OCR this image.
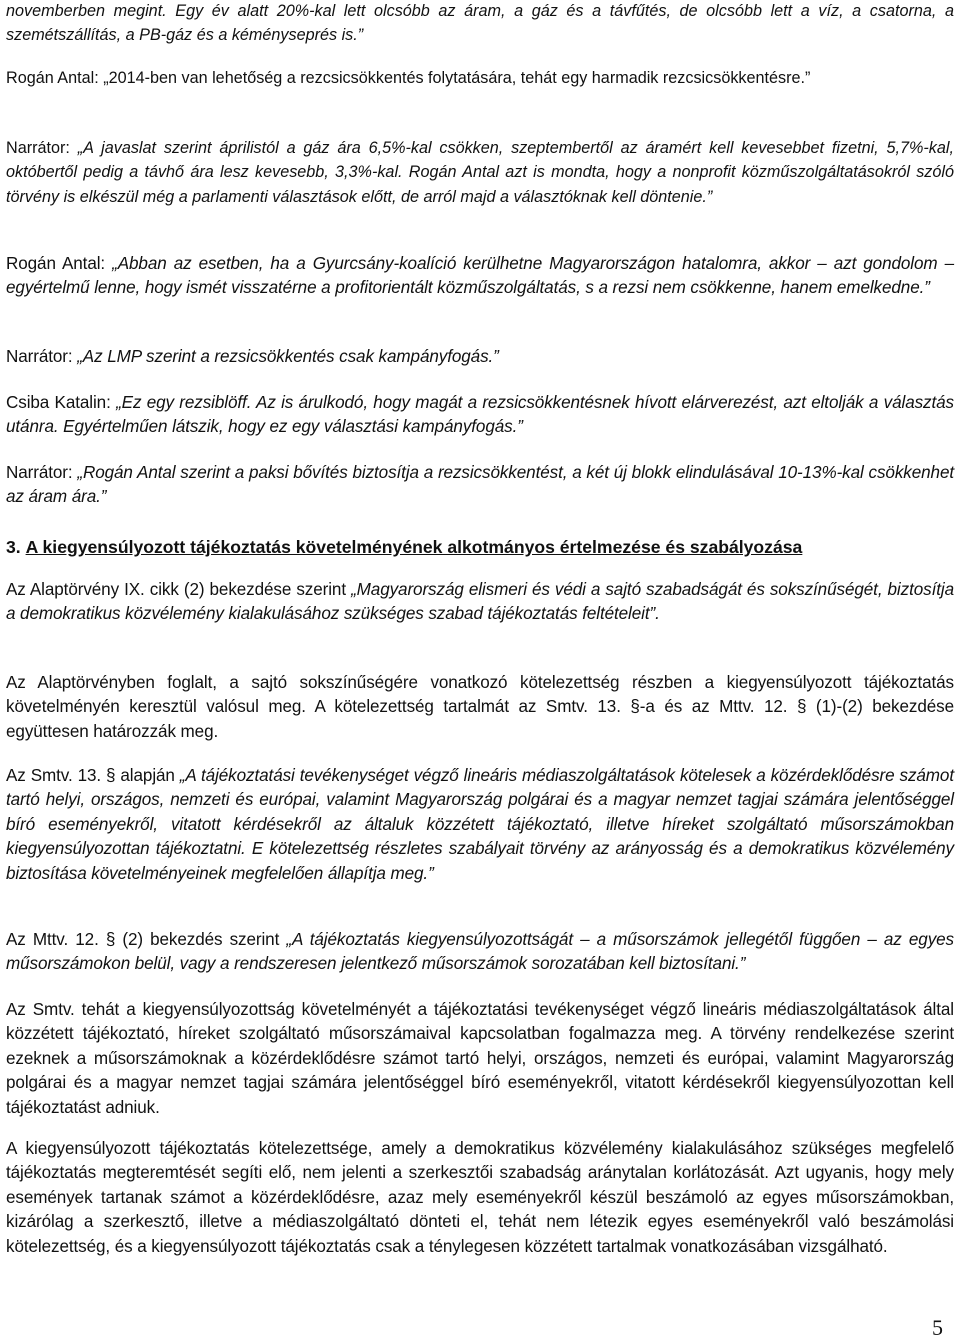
novemberben megint. Egy év alatt 20%-kal lett olcsóbb az áram, a gáz és a távfűtés, de olcsóbb lett a víz, a csatorna, a szemétszállítás, a PB-gáz és a kéményseprés is.”
Rogán Antal: „2014-ben van lehetőség a rezcsicsökkentés folytatására, tehát egy harmadik rezcsicsökkentésre.”
Narrátor: „A javaslat szerint áprilistól a gáz ára 6,5%-kal csökken, szeptembertől az áramért kell kevesebbet fizetni, 5,7%-kal, októbertől pedig a távhő ára lesz kevesebb, 3,3%-kal. Rogán Antal azt is mondta, hogy a nonprofit közműszolgáltatásokról szóló törvény is elkészül még a parlamenti választások előtt, de arról majd a választóknak kell döntenie.”
Rogán Antal: „Abban az esetben, ha a Gyurcsány-koalíció kerülhetne Magyarországon hatalomra, akkor – azt gondolom – egyértelmű lenne, hogy ismét visszatérne a profitorientált közműszolgáltatás, s a rezsi nem csökkenne, hanem emelkedne.”
Narrátor: „Az LMP szerint a rezsicsökkentés csak kampányfogás.”
Csiba Katalin: „Ez egy rezsiblöff. Az is árulkodó, hogy magát a rezsicsökkentésnek hívott elárverezést, azt eltolják a választás utánra. Egyértelműen látszik, hogy ez egy választási kampányfogás.”
Narrátor: „Rogán Antal szerint a paksi bővítés biztosítja a rezsicsökkentést, a két új blokk elindulásával 10-13%-kal csökkenhet az áram ára.”
3. A kiegyensúlyozott tájékoztatás követelményének alkotmányos értelmezése és szabályozása
Az Alaptörvény IX. cikk (2) bekezdése szerint „Magyarország elismeri és védi a sajtó szabadságát és sokszínűségét, biztosítja a demokratikus közvélemény kialakulásához szükséges szabad tájékoztatás feltételeit”.
Az Alaptörvényben foglalt, a sajtó sokszínűségére vonatkozó kötelezettség részben a kiegyensúlyozott tájékoztatás követelményén keresztül valósul meg. A kötelezettség tartalmát az Smtv. 13. §-a és az Mttv. 12. § (1)-(2) bekezdése együttesen határozzák meg.
Az Smtv. 13. § alapján „A tájékoztatási tevékenységet végző lineáris médiaszolgáltatások kötelesek a közérdeklődésre számot tartó helyi, országos, nemzeti és európai, valamint Magyarország polgárai és a magyar nemzet tagjai számára jelentőséggel bíró eseményekről, vitatott kérdésekről az általuk közzétett tájékoztató, illetve híreket szolgáltató műsorszámokban kiegyensúlyozottan tájékoztatni. E kötelezettség részletes szabályait törvény az arányosság és a demokratikus közvélemény biztosítása követelményeinek megfelelően állapítja meg.”
Az Mttv. 12. § (2) bekezdés szerint „A tájékoztatás kiegyensúlyozottságát – a műsorszámok jellegétől függően – az egyes műsorszámokon belül, vagy a rendszeresen jelentkező műsorszámok sorozatában kell biztosítani.”
Az Smtv. tehát a kiegyensúlyozottság követelményét a tájékoztatási tevékenységet végző lineáris médiaszolgáltatások által közzétett tájékoztató, híreket szolgáltató műsorszámaival kapcsolatban fogalmazza meg. A törvény rendelkezése szerint ezeknek a műsorszámoknak a közérdeklődésre számot tartó helyi, országos, nemzeti és európai, valamint Magyarország polgárai és a magyar nemzet tagjai számára jelentőséggel bíró eseményekről, vitatott kérdésekről kiegyensúlyozottan kell tájékoztatást adniuk.
A kiegyensúlyozott tájékoztatás kötelezettsége, amely a demokratikus közvélemény kialakulásához szükséges megfelelő tájékoztatás megteremtését segíti elő, nem jelenti a szerkesztői szabadság aránytalan korlátozását. Azt ugyanis, hogy mely események tartanak számot a közérdeklődésre, azaz mely eseményekről készül beszámoló az egyes műsorszámokban, kizárólag a szerkesztő, illetve a médiaszolgáltató dönteti el, tehát nem létezik egyes eseményekről való beszámolási kötelezettség, és a kiegyensúlyozott tájékoztatás csak a ténylegesen közzétett tartalmak vonatkozásában vizsgálható.
5
